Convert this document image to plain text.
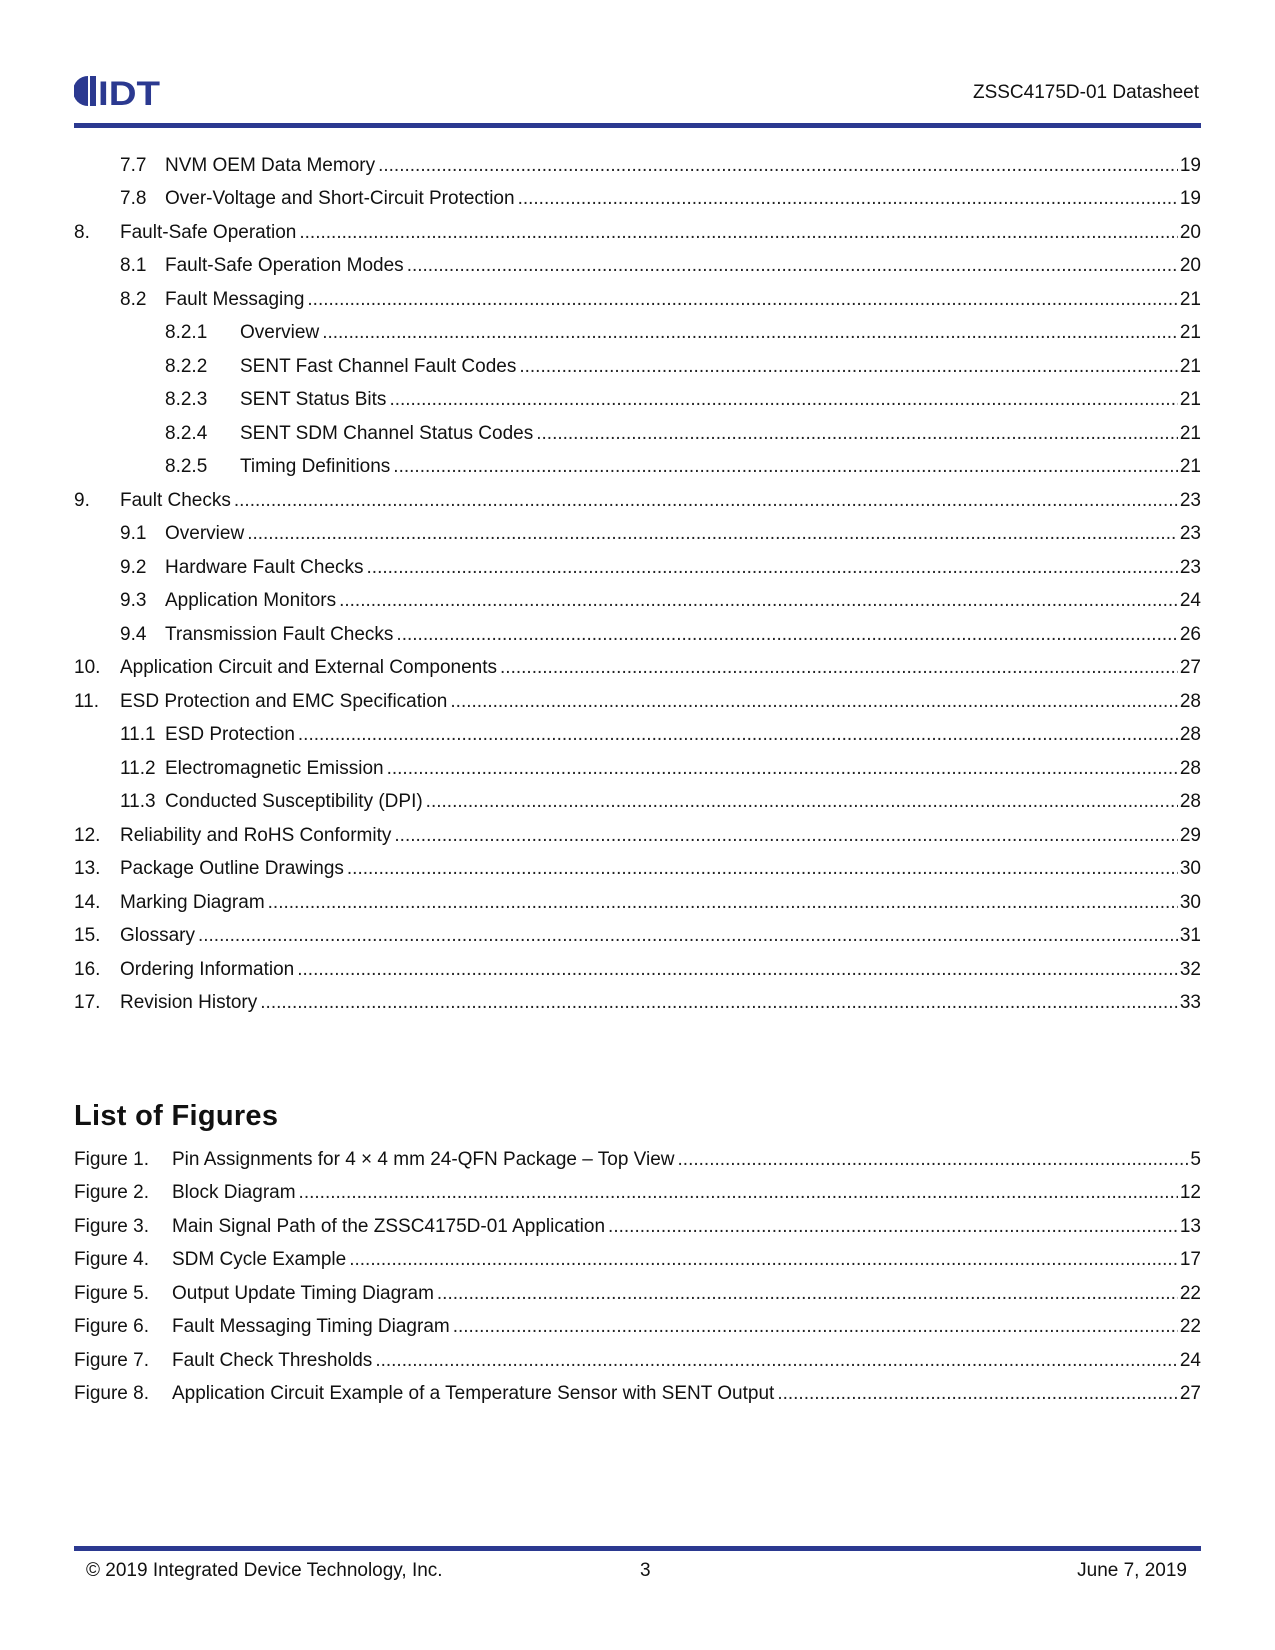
IDT	ZSSC4175D-01 Datasheet
7.7 NVM OEM Data Memory .....	19
7.8 Over-Voltage and Short-Circuit Protection .....	19
8.	Fault-Safe Operation .....	20
8.1 Fault-Safe Operation Modes .....	20
8.2 Fault Messaging .....	21
8.2.1	Overview .....	21
8.2.2	SENT Fast Channel Fault Codes .....	21
8.2.3	SENT Status Bits .....	21
8.2.4	SENT SDM Channel Status Codes .....	21
8.2.5	Timing Definitions .....	21
9.	Fault Checks .....	23
9.1 Overview .....	23
9.2 Hardware Fault Checks .....	23
9.3 Application Monitors .....	24
9.4 Transmission Fault Checks .....	26
10.	Application Circuit and External Components .....	27
11.	ESD Protection and EMC Specification .....	28
11.1 ESD Protection .....	28
11.2 Electromagnetic Emission .....	28
11.3 Conducted Susceptibility (DPI) .....	28
12.	Reliability and RoHS Conformity .....	29
13.	Package Outline Drawings .....	30
14.	Marking Diagram .....	30
15.	Glossary .....	31
16.	Ordering Information .....	32
17.	Revision History .....	33
List of Figures
Figure 1.	Pin Assignments for 4 × 4 mm 24-QFN Package – Top View .....	5
Figure 2.	Block Diagram .....	12
Figure 3.	Main Signal Path of the ZSSC4175D-01 Application .....	13
Figure 4.	SDM Cycle Example .....	17
Figure 5.	Output Update Timing Diagram .....	22
Figure 6.	Fault Messaging Timing Diagram .....	22
Figure 7.	Fault Check Thresholds .....	24
Figure 8.	Application Circuit Example of a Temperature Sensor with SENT Output .....	27
© 2019 Integrated Device Technology, Inc.	3	June 7, 2019
